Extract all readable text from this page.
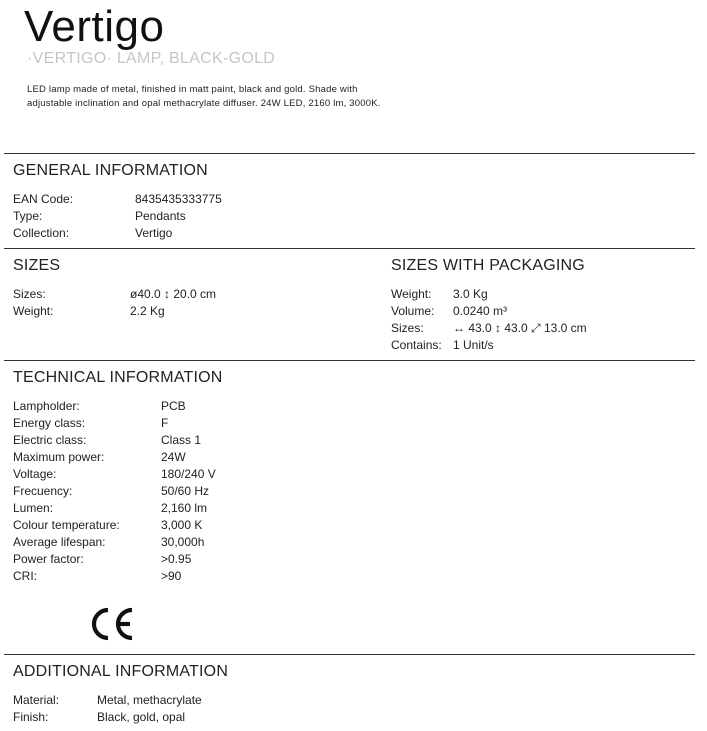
Vertigo
·VERTIGO· LAMP, BLACK-GOLD
LED lamp made of metal, finished in matt paint, black and gold. Shade with adjustable inclination and opal methacrylate diffuser. 24W LED, 2160 lm, 3000K.
GENERAL INFORMATION
EAN Code:	8435435333775
Type:	Pendants
Collection:	Vertigo
SIZES
Sizes:	ø40.0 ↕ 20.0 cm
Weight:	2.2 Kg
SIZES WITH PACKAGING
Weight:	3.0 Kg
Volume:	0.0240 m³
Sizes:	↔ 43.0 ↕ 43.0 ⤢ 13.0 cm
Contains: 1 Unit/s
TECHNICAL INFORMATION
Lampholder:	PCB
Energy class:	F
Electric class:	Class 1
Maximum power:	24W
Voltage:	180/240 V
Frecuency:	50/60 Hz
Lumen:	2,160 lm
Colour temperature:	3,000 K
Average lifespan:	30,000h
Power factor:	>0.95
CRI:	>90
ADDITIONAL INFORMATION
Material:	Metal, methacrylate
Finish:	Black, gold, opal
